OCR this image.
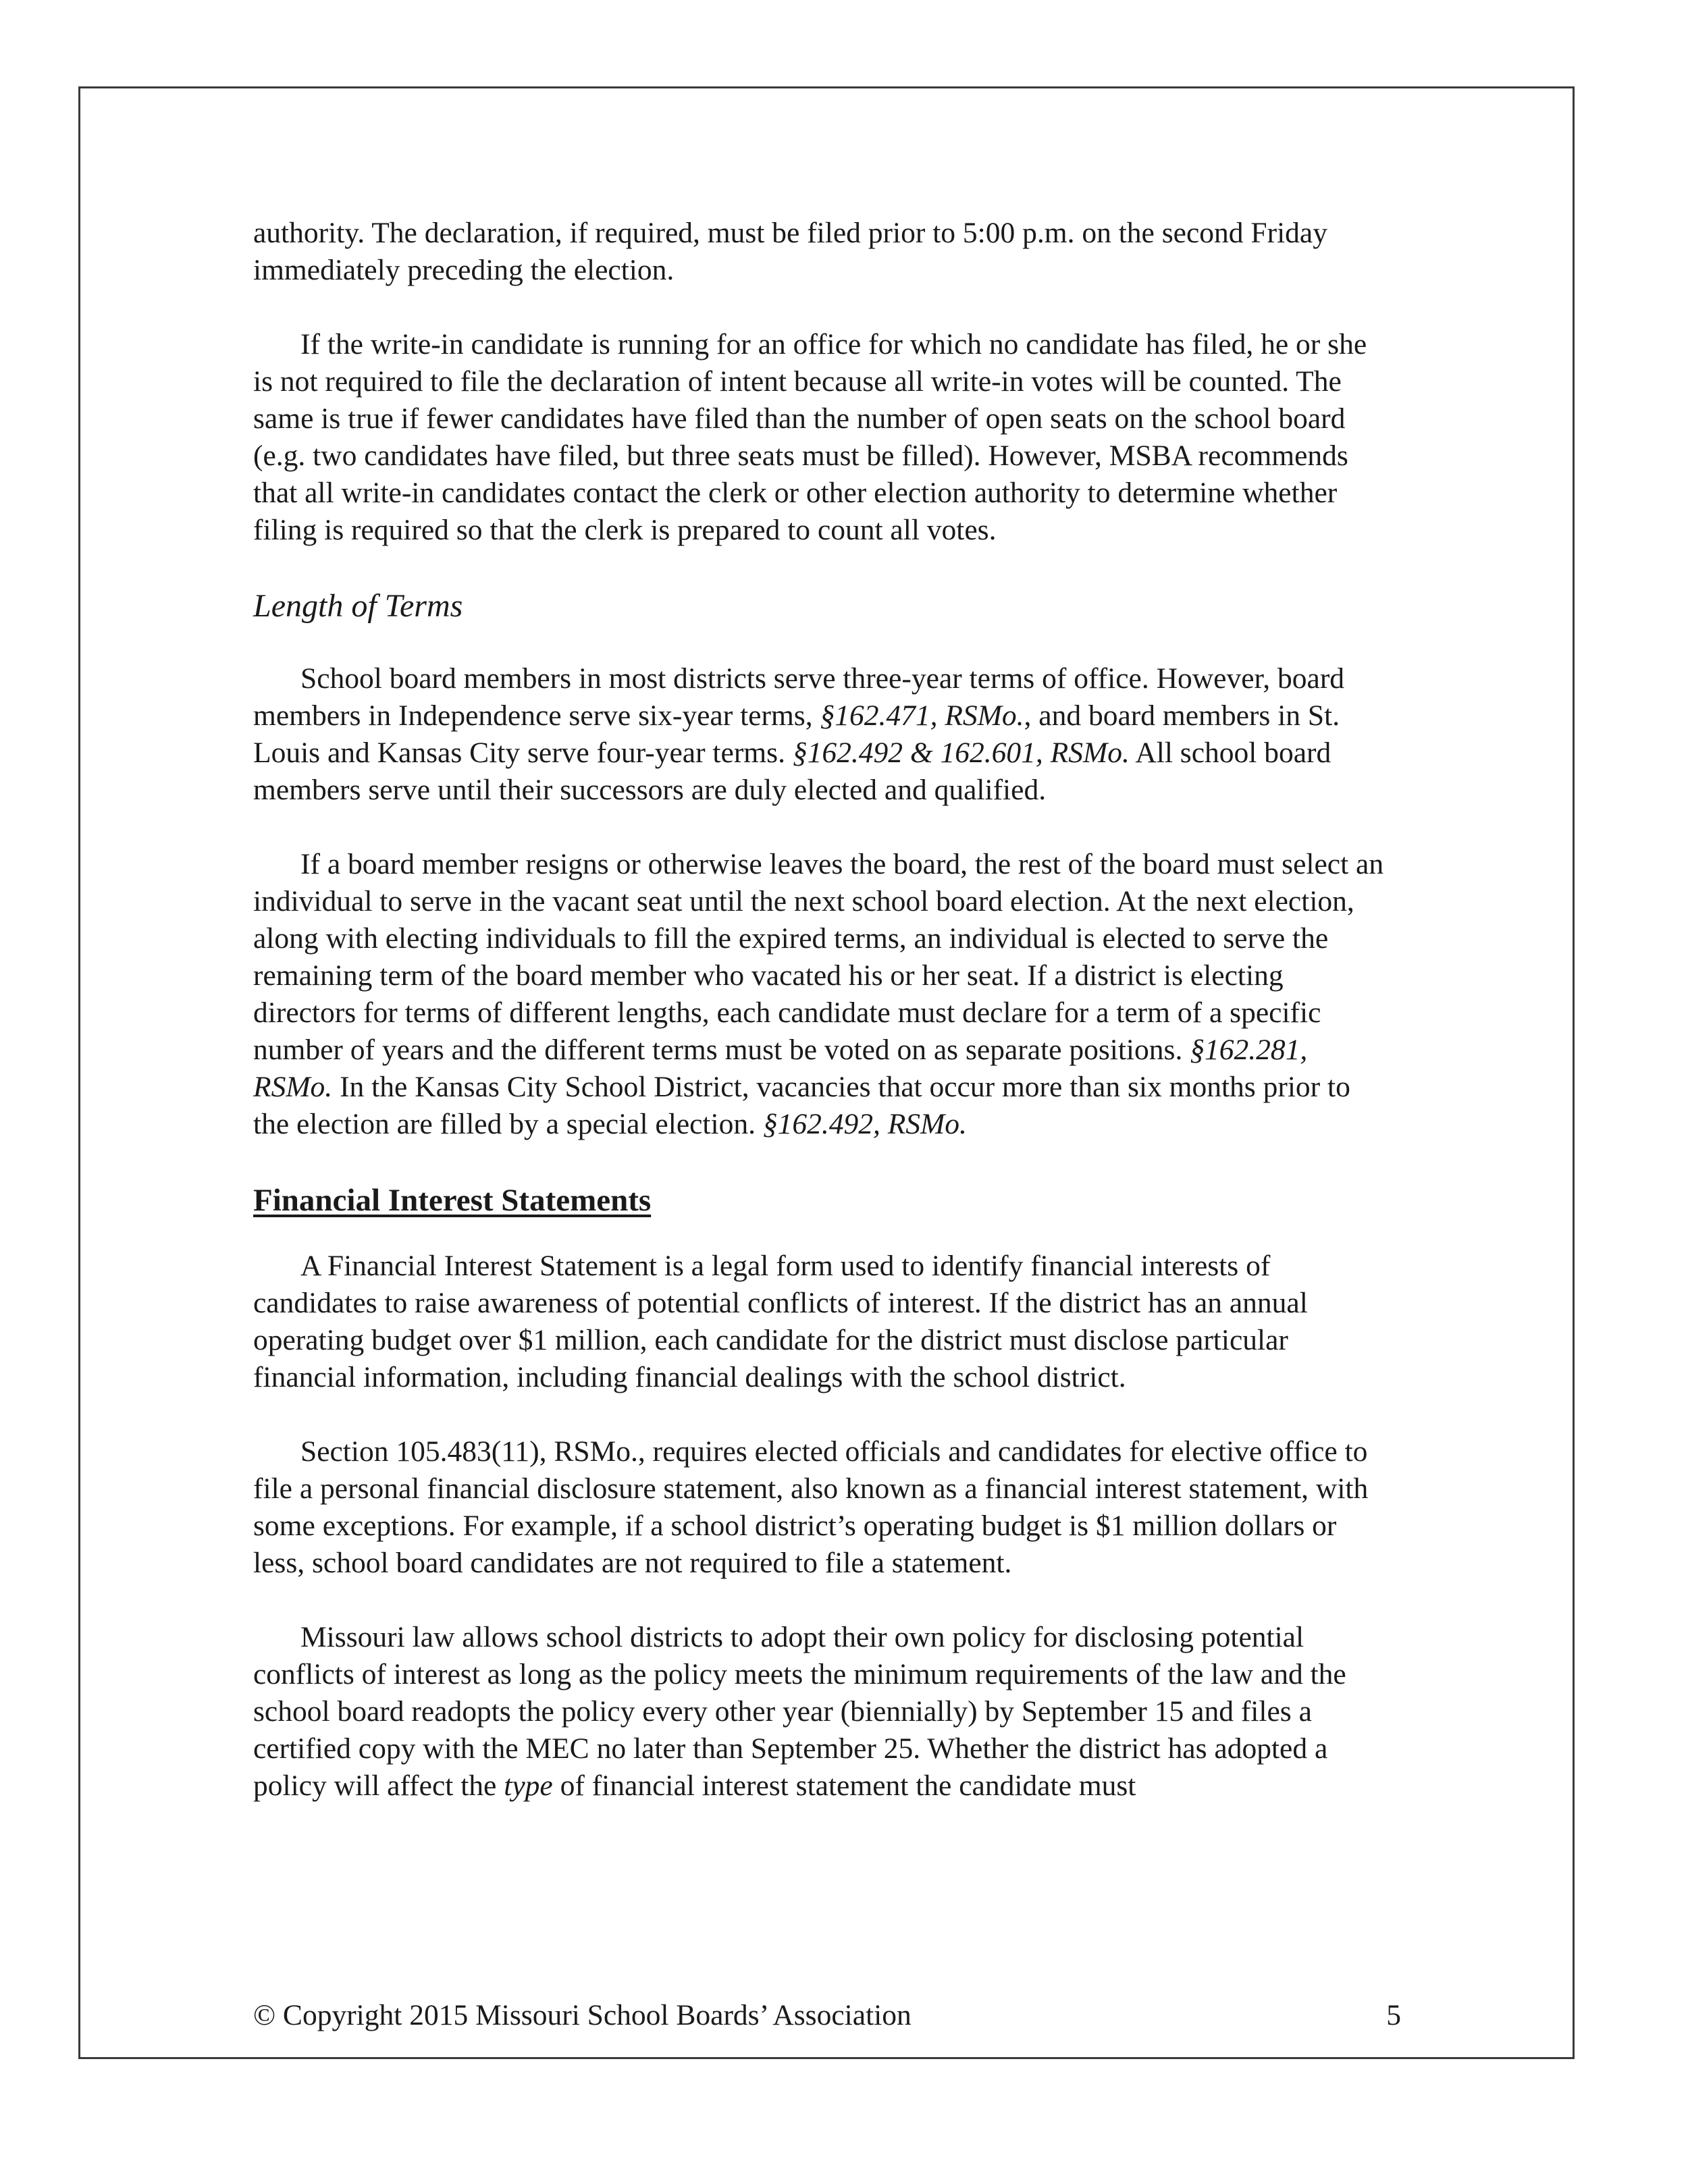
authority. The declaration, if required, must be filed prior to 5:00 p.m. on the second Friday immediately preceding the election.

If the write-in candidate is running for an office for which no candidate has filed, he or she is not required to file the declaration of intent because all write-in votes will be counted. The same is true if fewer candidates have filed than the number of open seats on the school board (e.g. two candidates have filed, but three seats must be filled). However, MSBA recommends that all write-in candidates contact the clerk or other election authority to determine whether filing is required so that the clerk is prepared to count all votes.

Length of Terms

School board members in most districts serve three-year terms of office. However, board members in Independence serve six-year terms, §162.471, RSMo., and board members in St. Louis and Kansas City serve four-year terms. §162.492 & 162.601, RSMo. All school board members serve until their successors are duly elected and qualified.

If a board member resigns or otherwise leaves the board, the rest of the board must select an individual to serve in the vacant seat until the next school board election. At the next election, along with electing individuals to fill the expired terms, an individual is elected to serve the remaining term of the board member who vacated his or her seat. If a district is electing directors for terms of different lengths, each candidate must declare for a term of a specific number of years and the different terms must be voted on as separate positions. §162.281, RSMo. In the Kansas City School District, vacancies that occur more than six months prior to the election are filled by a special election. §162.492, RSMo.

Financial Interest Statements

A Financial Interest Statement is a legal form used to identify financial interests of candidates to raise awareness of potential conflicts of interest. If the district has an annual operating budget over $1 million, each candidate for the district must disclose particular financial information, including financial dealings with the school district.

Section 105.483(11), RSMo., requires elected officials and candidates for elective office to file a personal financial disclosure statement, also known as a financial interest statement, with some exceptions. For example, if a school district’s operating budget is $1 million dollars or less, school board candidates are not required to file a statement.

Missouri law allows school districts to adopt their own policy for disclosing potential conflicts of interest as long as the policy meets the minimum requirements of the law and the school board readopts the policy every other year (biennially) by September 15 and files a certified copy with the MEC no later than September 25. Whether the district has adopted a policy will affect the type of financial interest statement the candidate must

© Copyright 2015 Missouri School Boards’ Association	5
